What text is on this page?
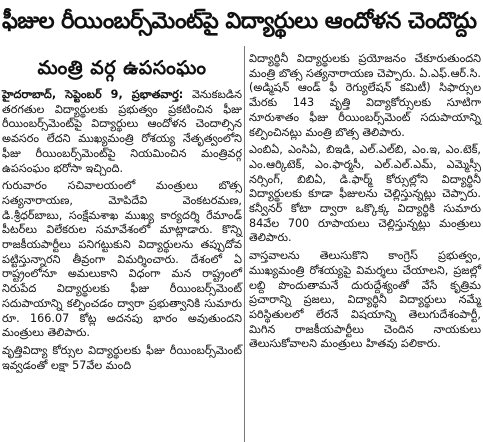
ఫీజుల రీయింబర్స్‌మెంట్‌పై విద్యార్థులు ఆందోళన చెందొద్దు
మంత్రి వర్గ ఉపసంఘం

హైదరాబాద్, సెప్టెంబర్ 9, ప్రభాతవార్త: వెనుకబడిన తరగతుల విద్యార్థులకు ప్రభుత్వం ప్రకటించిన ఫీజు రీయింబర్స్‌మెంట్‌పై విద్యార్థులు ఆందోళన చెందాల్సిన అవసరం లేదని ముఖ్యమంత్రి రోశయ్య నేతృత్వంలోని ఫీజు రీయింబర్స్‌మెంట్‌పై నియమించిన మంత్రివర్గ ఉపసంఘం భరోసా ఇచ్చింది.

గురువారం సచివాలయంలో మంత్రులు బొత్స సత్యనారాయణ, మోపిదేవి వెంకటరమణ, డి.శ్రీధర్‌బాబు, సంక్షేమశాఖ ముఖ్య కార్యదర్శి రేమాండ్ పీటర్‌లు విలేకరుల సమావేశంలో మాట్లాడారు. కొన్ని రాజకీయపార్టీలు పనిగట్టుకుని విద్యార్థులను తప్పుదోవ పట్టిస్తున్నారని తీవ్రంగా విమర్శించారు. దేశంలో ఏ రాష్ట్రంలోనూ అమలుకాని విధంగా మన రాష్ట్రంలో నిరుపేద విద్యార్థులకు ఫీజు రీయింబర్స్‌మెంట్ సదుపాయాన్ని కల్పించడం ద్వారా ప్రభుత్వానికి సుమారు రూ. 166.07 కోట్ల అదనపు భారం అవుతుందని మంత్రులు తెలిపారు.

వృత్తివిద్యా కోర్సుల విద్యార్థులకు ఫీజు రీయింబర్స్‌మెంట్ ఇవ్వడంతో లక్షా 57వేల మంది

విద్యార్థినీ విద్యార్థులకు ప్రయోజనం చేకూరుతుందని మంత్రి బొత్స సత్యనారాయణ చెప్పారు. ఏ.ఎఫ్.ఆర్.సి. (అడ్మిషన్ ఆండ్ ఫీ రెగ్యులేషన్ కమిటీ) సిఫార్సుల మేరకు 143 వృత్తి విద్యాకోర్సులకు సూటిగా నూరుశాతం ఫీజు రీయింబర్స్‌మెంట్ సదుపాయాన్ని కల్పించినట్లు మంత్రి బొత్స తెలిపారు.

ఎంబిఏ, ఎంసిఏ, బిఇడి, ఎల్.ఎల్‌బి, ఎం.ఇ, ఎం.టెక్, ఎం.ఆర్కిటెక్, ఎం.ఫార్మసీ, ఎల్.ఎల్.ఎమ్, ఎమ్మెస్సీ నర్సింగ్, బిబిఏ, డి.ఫార్మ్ కోర్సుల్లోని విద్యార్థినీ విద్యార్థులకు కూడా ఫీజులను చెల్లిస్తున్నట్లు చెప్పారు. కన్వీనర్ కోటా ద్వారా ఒక్కొక్క విద్యార్థికి సుమారు 84వేల 700 రూపాయలు చెల్లిస్తున్నట్లు మంత్రులు తెలిపారు.

వాస్తవాలను తెలుసుకొని కాంగ్రెస్ ప్రభుత్వం, ముఖ్యమంత్రి రోశయ్యపై విమర్శలు చేయాలని, ప్రజల్లో లబ్ది పొందుతామనే దురుద్దేశ్యంతో వేసే కృత్రిమ ప్రచారాన్ని ప్రజలు, విద్యార్థినీ విద్యార్థులు నమ్మే పరిస్థితులలో లేరనే విషయాన్ని తెలుగుదేశంపార్టీ, మిగిన రాజకీయపార్టీలు చెందిన నాయకులు తెలుసుకోవాలని మంత్రులు హితవు పలికారు.
